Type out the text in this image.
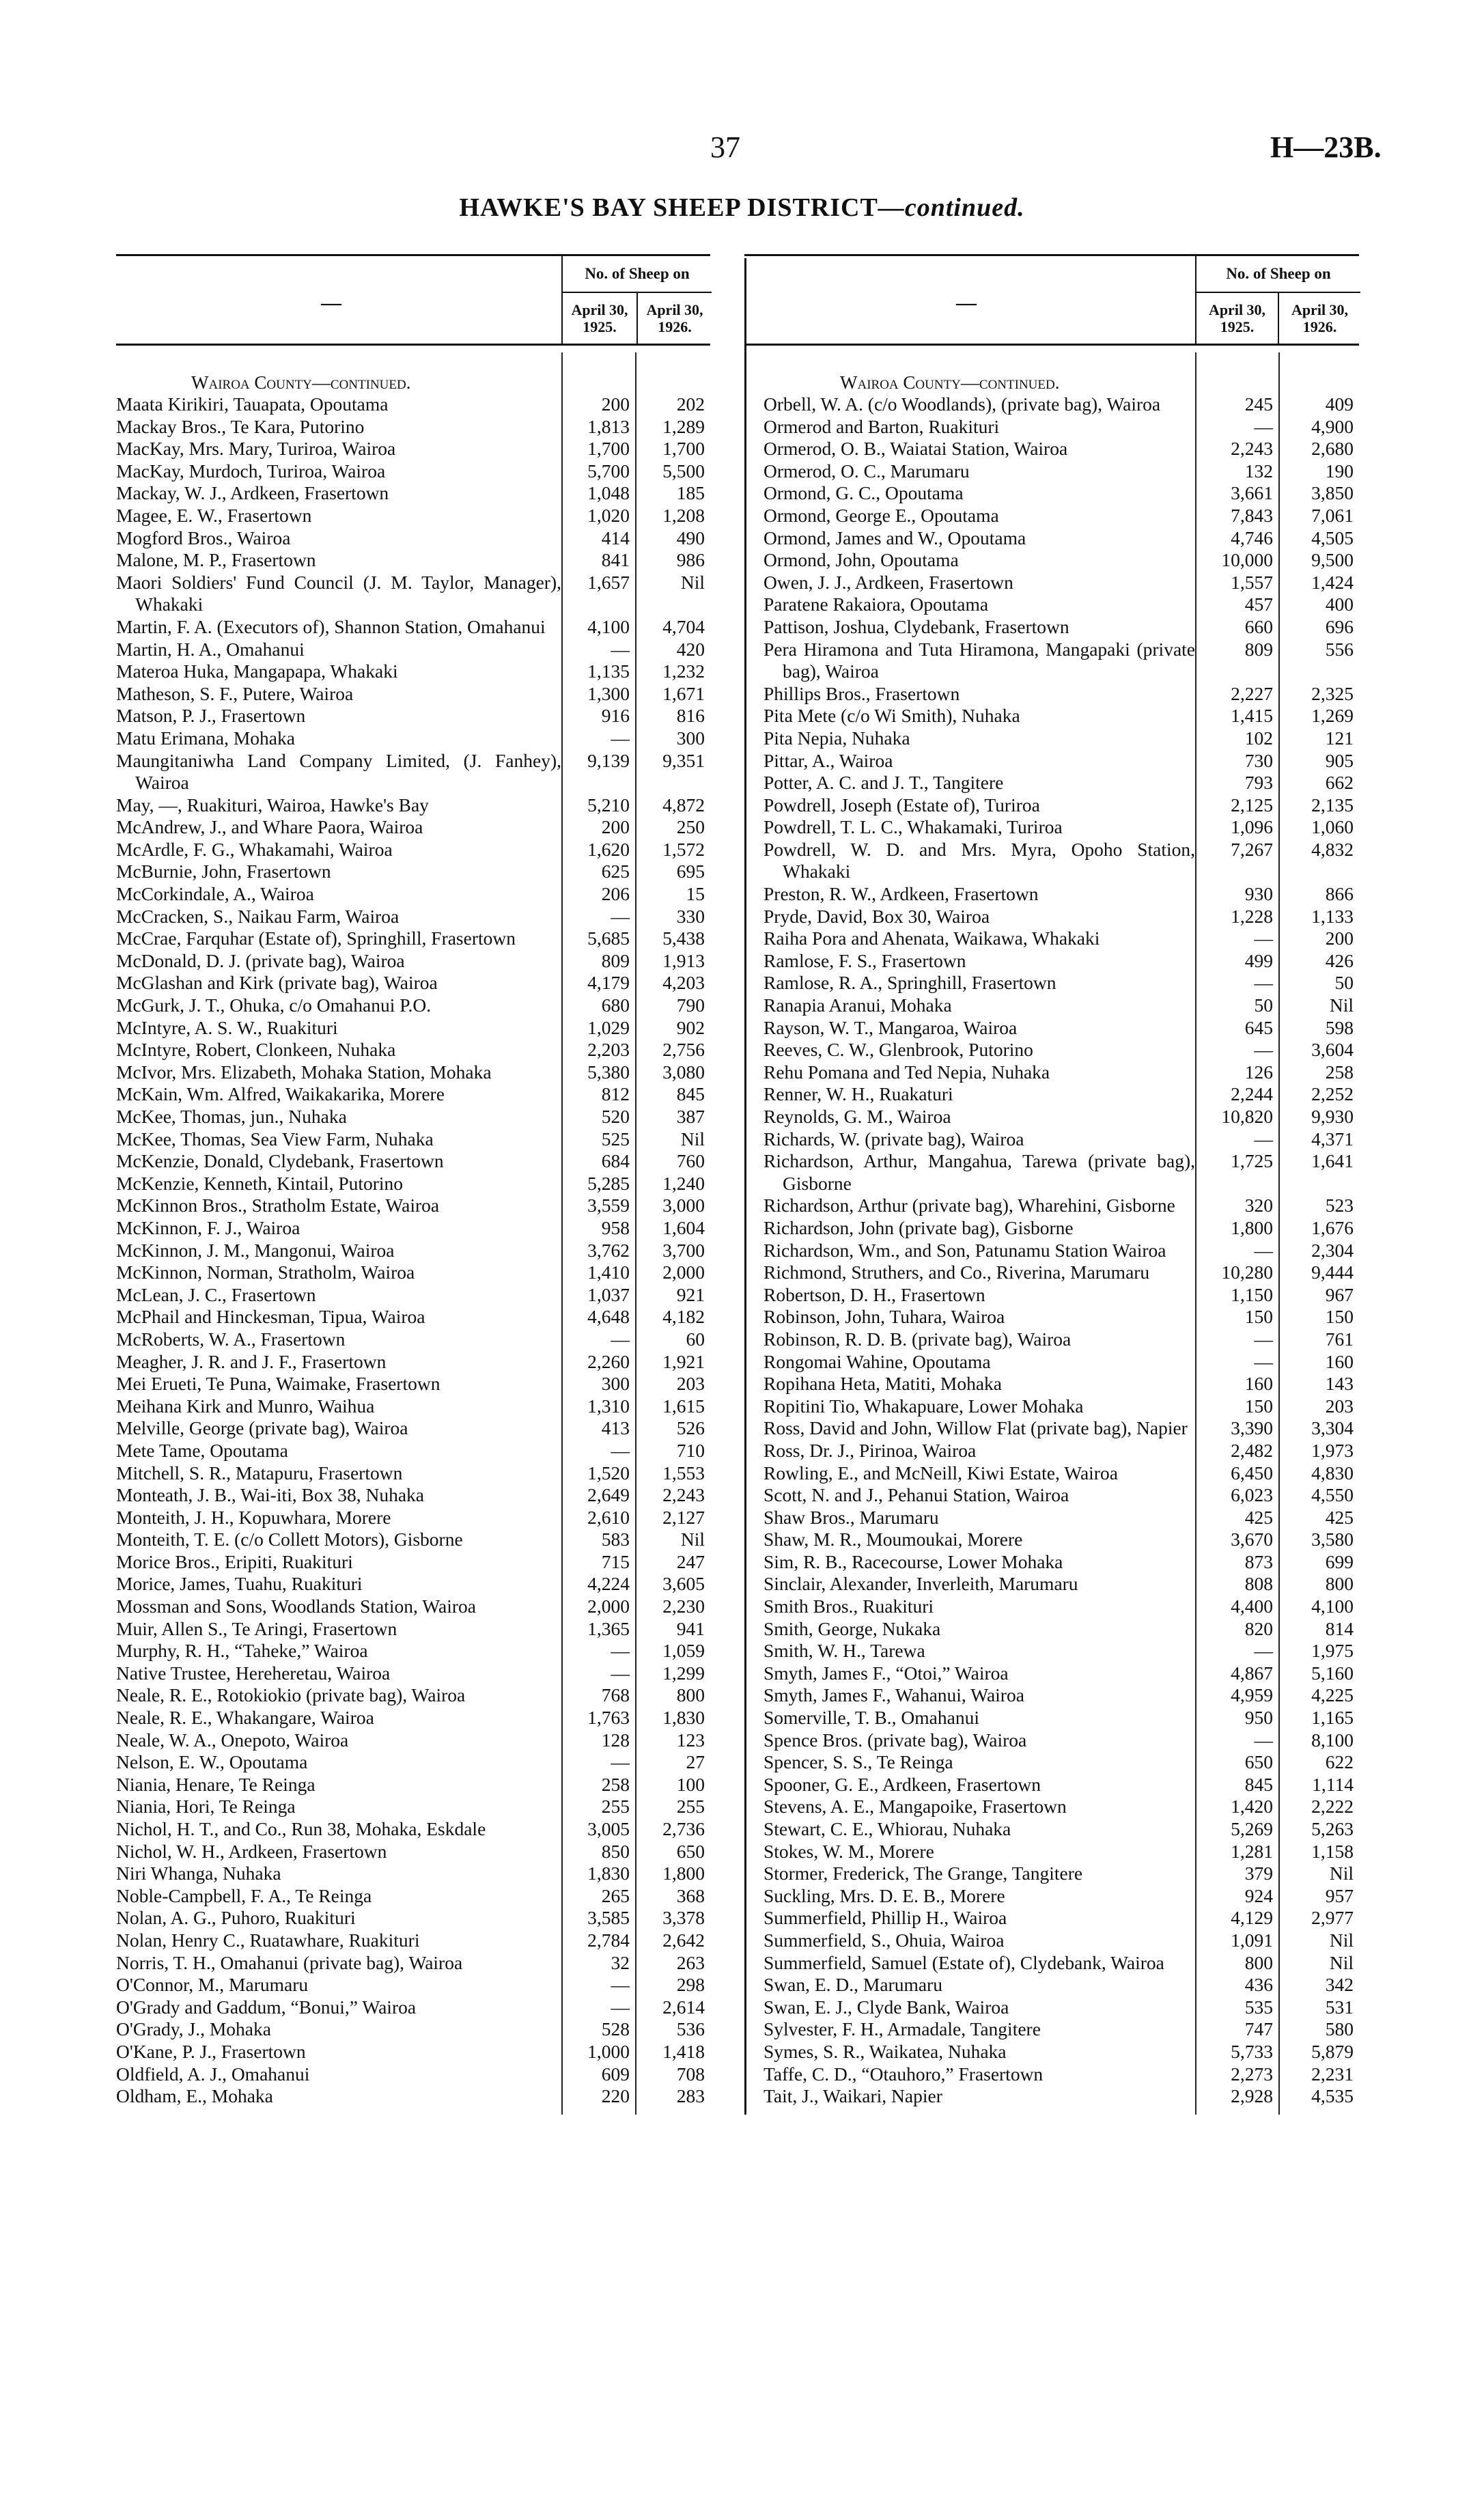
37	H—23B.
HAWKE'S BAY SHEEP DISTRICT—continued.
—
No. of Sheep on
April 30,
1925.
April 30,
1926.
Wairoa County—continued.
Maata Kirikiri, Tauapata, Opoutama	200	202
Mackay Bros., Te Kara, Putorino	1,813	1,289
MacKay, Mrs. Mary, Turiroa, Wairoa	1,700	1,700
MacKay, Murdoch, Turiroa, Wairoa	5,700	5,500
Mackay, W. J., Ardkeen, Frasertown	1,048	185
Magee, E. W., Frasertown	1,020	1,208
Mogford Bros., Wairoa	414	490
Malone, M. P., Frasertown	841	986
Maori Soldiers' Fund Council (J. M. Taylor, Manager), Whakaki
1,657	Nil
Martin, F. A. (Executors of), Shannon Station, Omahanui	4,100	4,704
Martin, H. A., Omahanui	—	420
Materoa Huka, Mangapapa, Whakaki	1,135	1,232
Matheson, S. F., Putere, Wairoa	1,300	1,671
Matson, P. J., Frasertown	916	816
Matu Erimana, Mohaka	—	300
Maungitaniwha Land Company Limited, (J. Fanhey), Wairoa
9,139	9,351
May, —, Ruakituri, Wairoa, Hawke's Bay	5,210	4,872
McAndrew, J., and Whare Paora, Wairoa	200	250
McArdle, F. G., Whakamahi, Wairoa	1,620	1,572
McBurnie, John, Frasertown	625	695
McCorkindale, A., Wairoa	206	15
McCracken, S., Naikau Farm, Wairoa	—	330
McCrae, Farquhar (Estate of), Springhill, Frasertown	5,685	5,438
McDonald, D. J. (private bag), Wairoa	809	1,913
McGlashan and Kirk (private bag), Wairoa	4,179	4,203
McGurk, J. T., Ohuka, c/o Omahanui P.O.	680	790
McIntyre, A. S. W., Ruakituri	1,029	902
McIntyre, Robert, Clonkeen, Nuhaka	2,203	2,756
McIvor, Mrs. Elizabeth, Mohaka Station, Mohaka	5,380	3,080
McKain, Wm. Alfred, Waikakarika, Morere	812	845
McKee, Thomas, jun., Nuhaka	520	387
McKee, Thomas, Sea View Farm, Nuhaka	525	Nil
McKenzie, Donald, Clydebank, Frasertown	684	760
McKenzie, Kenneth, Kintail, Putorino	5,285	1,240
McKinnon Bros., Stratholm Estate, Wairoa	3,559	3,000
McKinnon, F. J., Wairoa	958	1,604
McKinnon, J. M., Mangonui, Wairoa	3,762	3,700
McKinnon, Norman, Stratholm, Wairoa	1,410	2,000
McLean, J. C., Frasertown	1,037	921
McPhail and Hinckesman, Tipua, Wairoa	4,648	4,182
McRoberts, W. A., Frasertown	—	60
Meagher, J. R. and J. F., Frasertown	2,260	1,921
Mei Erueti, Te Puna, Waimake, Frasertown	300	203
Meihana Kirk and Munro, Waihua	1,310	1,615
Melville, George (private bag), Wairoa	413	526
Mete Tame, Opoutama	—	710
Mitchell, S. R., Matapuru, Frasertown	1,520	1,553
Monteath, J. B., Wai-iti, Box 38, Nuhaka	2,649	2,243
Monteith, J. H., Kopuwhara, Morere	2,610	2,127
Monteith, T. E. (c/o Collett Motors), Gisborne	583	Nil
Morice Bros., Eripiti, Ruakituri	715	247
Morice, James, Tuahu, Ruakituri	4,224	3,605
Mossman and Sons, Woodlands Station, Wairoa	2,000	2,230
Muir, Allen S., Te Aringi, Frasertown	1,365	941
Murphy, R. H., “Taheke,” Wairoa	—	1,059
Native Trustee, Hereheretau, Wairoa	—	1,299
Neale, R. E., Rotokiokio (private bag), Wairoa	768	800
Neale, R. E., Whakangare, Wairoa	1,763	1,830
Neale, W. A., Onepoto, Wairoa	128	123
Nelson, E. W., Opoutama	—	27
Niania, Henare, Te Reinga	258	100
Niania, Hori, Te Reinga	255	255
Nichol, H. T., and Co., Run 38, Mohaka, Eskdale	3,005	2,736
Nichol, W. H., Ardkeen, Frasertown	850	650
Niri Whanga, Nuhaka	1,830	1,800
Noble-Campbell, F. A., Te Reinga	265	368
Nolan, A. G., Puhoro, Ruakituri	3,585	3,378
Nolan, Henry C., Ruatawhare, Ruakituri	2,784	2,642
Norris, T. H., Omahanui (private bag), Wairoa	32	263
O'Connor, M., Marumaru	—	298
O'Grady and Gaddum, “Bonui,” Wairoa	—	2,614
O'Grady, J., Mohaka	528	536
O'Kane, P. J., Frasertown	1,000	1,418
Oldfield, A. J., Omahanui	609	708
Oldham, E., Mohaka	220	283
—
No. of Sheep on
April 30,
1925.
April 30,
1926.
Wairoa County—continued.
Orbell, W. A. (c/o Woodlands), (private bag), Wairoa	245	409
Ormerod and Barton, Ruakituri	—	4,900
Ormerod, O. B., Waiatai Station, Wairoa	2,243	2,680
Ormerod, O. C., Marumaru	132	190
Ormond, G. C., Opoutama	3,661	3,850
Ormond, George E., Opoutama	7,843	7,061
Ormond, James and W., Opoutama	4,746	4,505
Ormond, John, Opoutama	10,000	9,500
Owen, J. J., Ardkeen, Frasertown	1,557	1,424
Paratene Rakaiora, Opoutama	457	400
Pattison, Joshua, Clydebank, Frasertown	660	696
Pera Hiramona and Tuta Hiramona, Mangapaki (private bag), Wairoa
809	556
Phillips Bros., Frasertown	2,227	2,325
Pita Mete (c/o Wi Smith), Nuhaka	1,415	1,269
Pita Nepia, Nuhaka	102	121
Pittar, A., Wairoa	730	905
Potter, A. C. and J. T., Tangitere	793	662
Powdrell, Joseph (Estate of), Turiroa	2,125	2,135
Powdrell, T. L. C., Whakamaki, Turiroa	1,096	1,060
Powdrell, W. D. and Mrs. Myra, Opoho Station, Whakaki
7,267	4,832
Preston, R. W., Ardkeen, Frasertown	930	866
Pryde, David, Box 30, Wairoa	1,228	1,133
Raiha Pora and Ahenata, Waikawa, Whakaki	—	200
Ramlose, F. S., Frasertown	499	426
Ramlose, R. A., Springhill, Frasertown	—	50
Ranapia Aranui, Mohaka	50	Nil
Rayson, W. T., Mangaroa, Wairoa	645	598
Reeves, C. W., Glenbrook, Putorino	—	3,604
Rehu Pomana and Ted Nepia, Nuhaka	126	258
Renner, W. H., Ruakaturi	2,244	2,252
Reynolds, G. M., Wairoa	10,820	9,930
Richards, W. (private bag), Wairoa	—	4,371
Richardson, Arthur, Mangahua, Tarewa (private bag), Gisborne
1,725	1,641
Richardson, Arthur (private bag), Wharehini, Gisborne	320	523
Richardson, John (private bag), Gisborne	1,800	1,676
Richardson, Wm., and Son, Patunamu Station Wairoa	—	2,304
Richmond, Struthers, and Co., Riverina, Marumaru	10,280	9,444
Robertson, D. H., Frasertown	1,150	967
Robinson, John, Tuhara, Wairoa	150	150
Robinson, R. D. B. (private bag), Wairoa	—	761
Rongomai Wahine, Opoutama	—	160
Ropihana Heta, Matiti, Mohaka	160	143
Ropitini Tio, Whakapuare, Lower Mohaka	150	203
Ross, David and John, Willow Flat (private bag), Napier	3,390	3,304
Ross, Dr. J., Pirinoa, Wairoa	2,482	1,973
Rowling, E., and McNeill, Kiwi Estate, Wairoa	6,450	4,830
Scott, N. and J., Pehanui Station, Wairoa	6,023	4,550
Shaw Bros., Marumaru	425	425
Shaw, M. R., Moumoukai, Morere	3,670	3,580
Sim, R. B., Racecourse, Lower Mohaka	873	699
Sinclair, Alexander, Inverleith, Marumaru	808	800
Smith Bros., Ruakituri	4,400	4,100
Smith, George, Nukaka	820	814
Smith, W. H., Tarewa	—	1,975
Smyth, James F., “Otoi,” Wairoa	4,867	5,160
Smyth, James F., Wahanui, Wairoa	4,959	4,225
Somerville, T. B., Omahanui	950	1,165
Spence Bros. (private bag), Wairoa	—	8,100
Spencer, S. S., Te Reinga	650	622
Spooner, G. E., Ardkeen, Frasertown	845	1,114
Stevens, A. E., Mangapoike, Frasertown	1,420	2,222
Stewart, C. E., Whiorau, Nuhaka	5,269	5,263
Stokes, W. M., Morere	1,281	1,158
Stormer, Frederick, The Grange, Tangitere	379	Nil
Suckling, Mrs. D. E. B., Morere	924	957
Summerfield, Phillip H., Wairoa	4,129	2,977
Summerfield, S., Ohuia, Wairoa	1,091	Nil
Summerfield, Samuel (Estate of), Clydebank, Wairoa	800	Nil
Swan, E. D., Marumaru	436	342
Swan, E. J., Clyde Bank, Wairoa	535	531
Sylvester, F. H., Armadale, Tangitere	747	580
Symes, S. R., Waikatea, Nuhaka	5,733	5,879
Taffe, C. D., “Otauhoro,” Frasertown	2,273	2,231
Tait, J., Waikari, Napier	2,928	4,535
